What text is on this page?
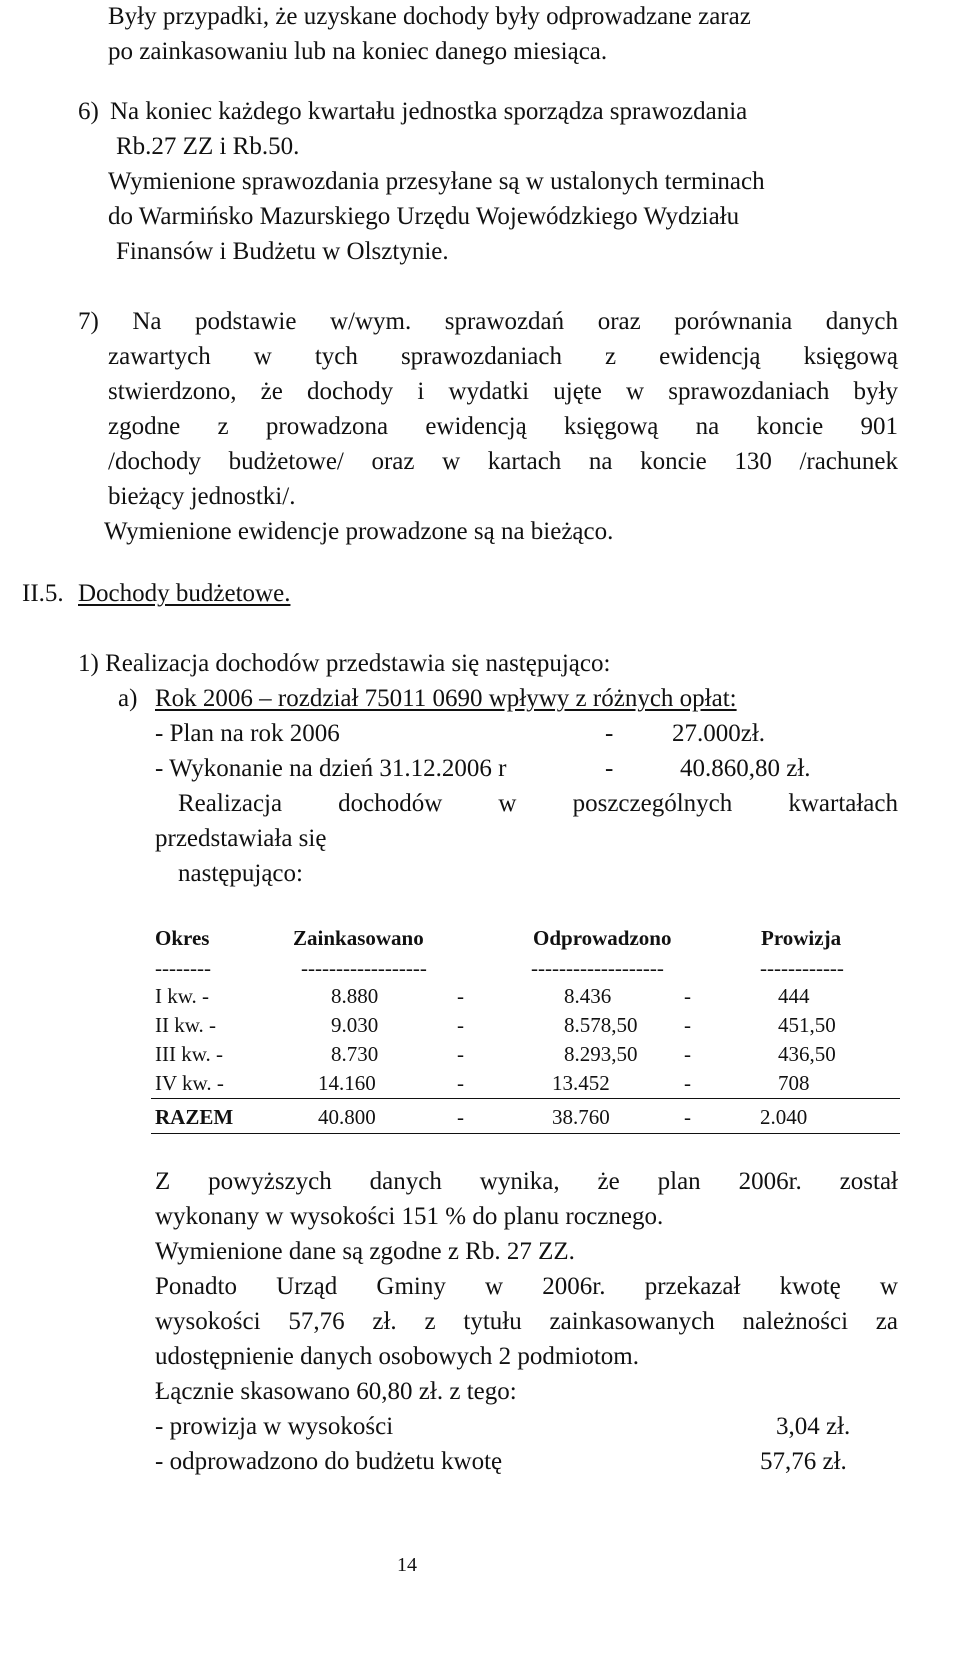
Były przypadki, że uzyskane dochody były odprowadzane zaraz
po zainkasowaniu lub na koniec danego miesiąca.
6) Na koniec każdego kwartału jednostka sporządza sprawozdania
Rb.27 ZZ i Rb.50.
Wymienione sprawozdania przesyłane są w ustalonych terminach
do Warmińsko Mazurskiego Urzędu Wojewódzkiego Wydziału
Finansów i Budżetu w Olsztynie.
7) Na podstawie w/wym. sprawozdań oraz porównania danych
zawartych w tych sprawozdaniach z ewidencją księgową
stwierdzono, że dochody i wydatki ujęte w sprawozdaniach były
zgodne z prowadzona ewidencją księgową na koncie 901
/dochody budżetowe/ oraz w kartach na koncie 130 /rachunek
bieżący jednostki/.
Wymienione ewidencje prowadzone są na bieżąco.
II.5. Dochody budżetowe.
1) Realizacja dochodów przedstawia się następująco:
a) Rok 2006 – rozdział 75011 0690 wpływy z różnych opłat:
- Plan na rok 2006	- 27.000zł.
- Wykonanie na dzień 31.12.2006 r	-	40.860,80 zł.
Realizacja dochodów w poszczególnych kwartałach
przedstawiała się
następująco:
Okres	Zainkasowano	Odprowadzono	Prowizja
--------	------------------	-------------------	------------
I kw. -	8.880	-	8.436	-	444
II kw. -	9.030	-	8.578,50 -	451,50
III kw. -	8.730	-	8.293,50 -	436,50
IV kw. -	14.160	-	13.452	-	708
RAZEM	40.800	-	38.760	-	2.040
Z powyższych danych wynika, że plan 2006r. został
wykonany w wysokości 151 % do planu rocznego.
Wymienione dane są zgodne z Rb. 27 ZZ.
Ponadto Urząd Gminy w 2006r. przekazał kwotę w
wysokości 57,76 zł. z tytułu zainkasowanych należności za
udostępnienie danych osobowych 2 podmiotom.
Łącznie skasowano 60,80 zł. z tego:
- prowizja w wysokości	3,04 zł.
- odprowadzono do budżetu kwotę	57,76 zł.
14
